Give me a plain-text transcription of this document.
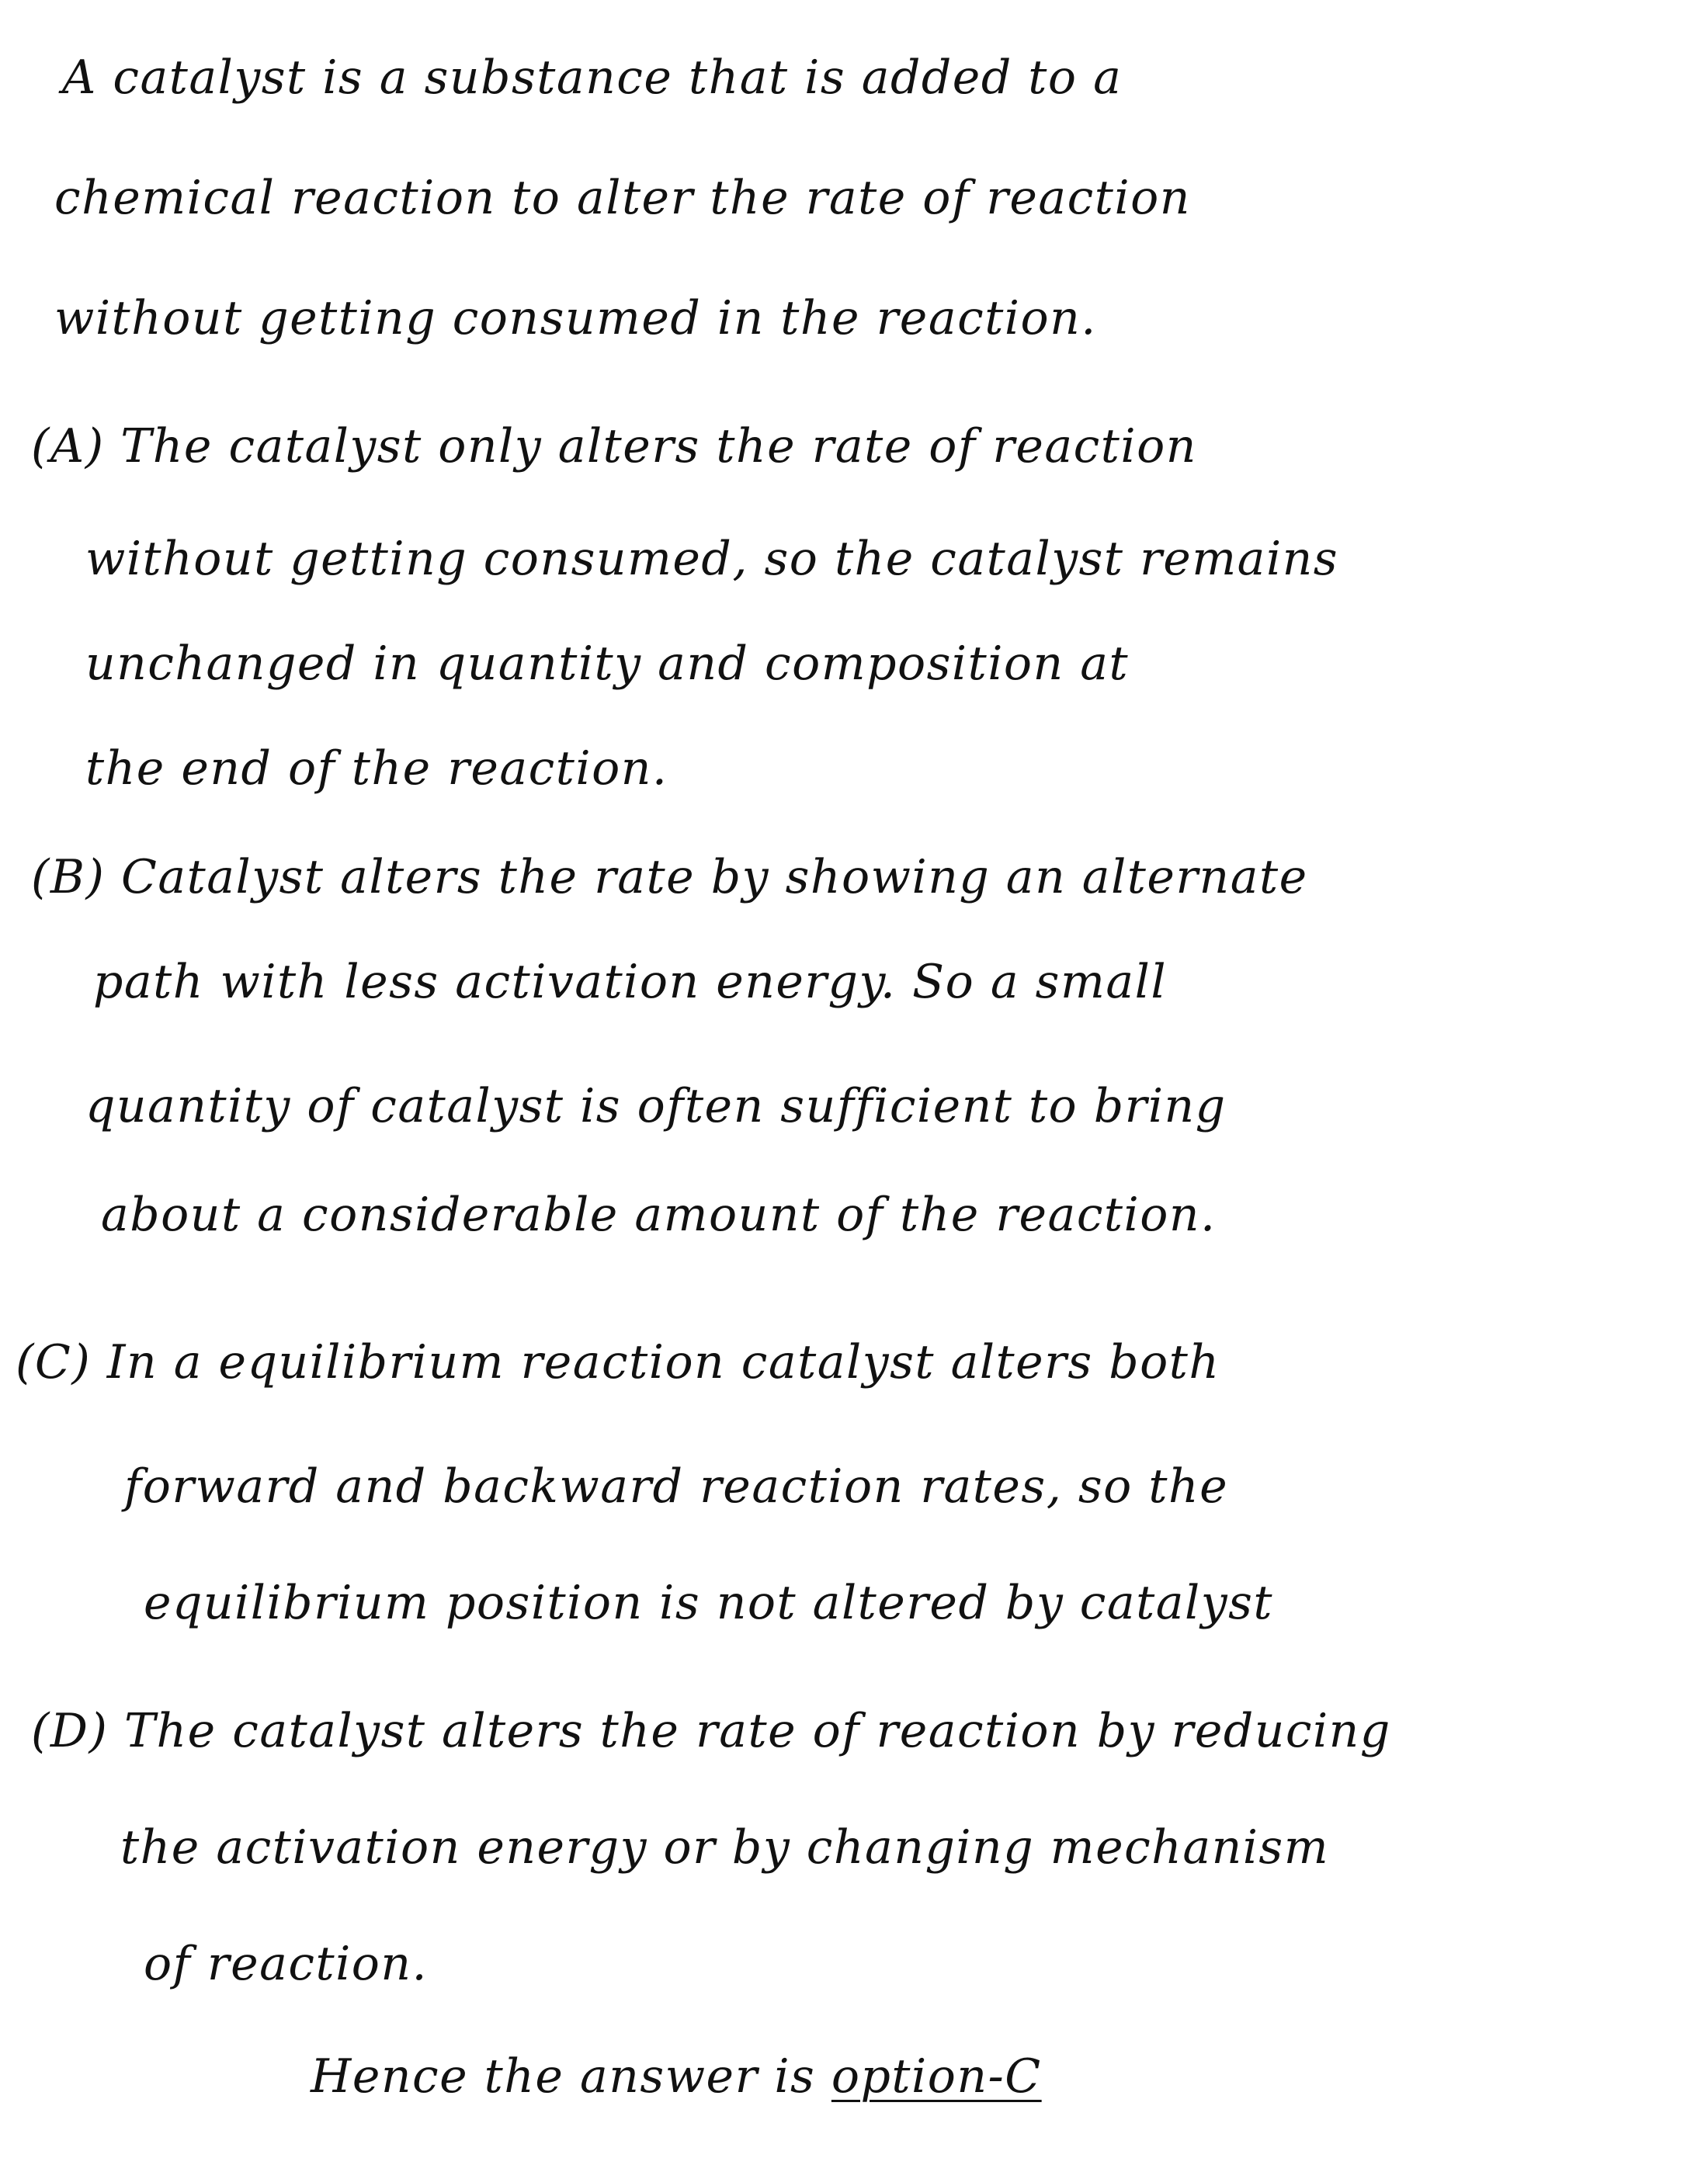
A catalyst is a substance that is added to a
chemical reaction to alter the rate of reaction
without getting consumed in the reaction.
(A) The catalyst only alters the rate of reaction
without getting consumed, so the catalyst remains
unchanged in quantity and composition at
the end of the reaction.
(B) Catalyst alters the rate by showing an alternate
path with less activation energy. So a small
quantity of catalyst is often sufficient to bring
about a considerable amount of the reaction.
(C) In a equilibrium reaction catalyst alters both
forward and backward reaction rates, so the
equilibrium position is not altered by catalyst
(D) The catalyst alters the rate of reaction by reducing
the activation energy or by changing mechanism
of reaction.
Hence the answer is option-C
